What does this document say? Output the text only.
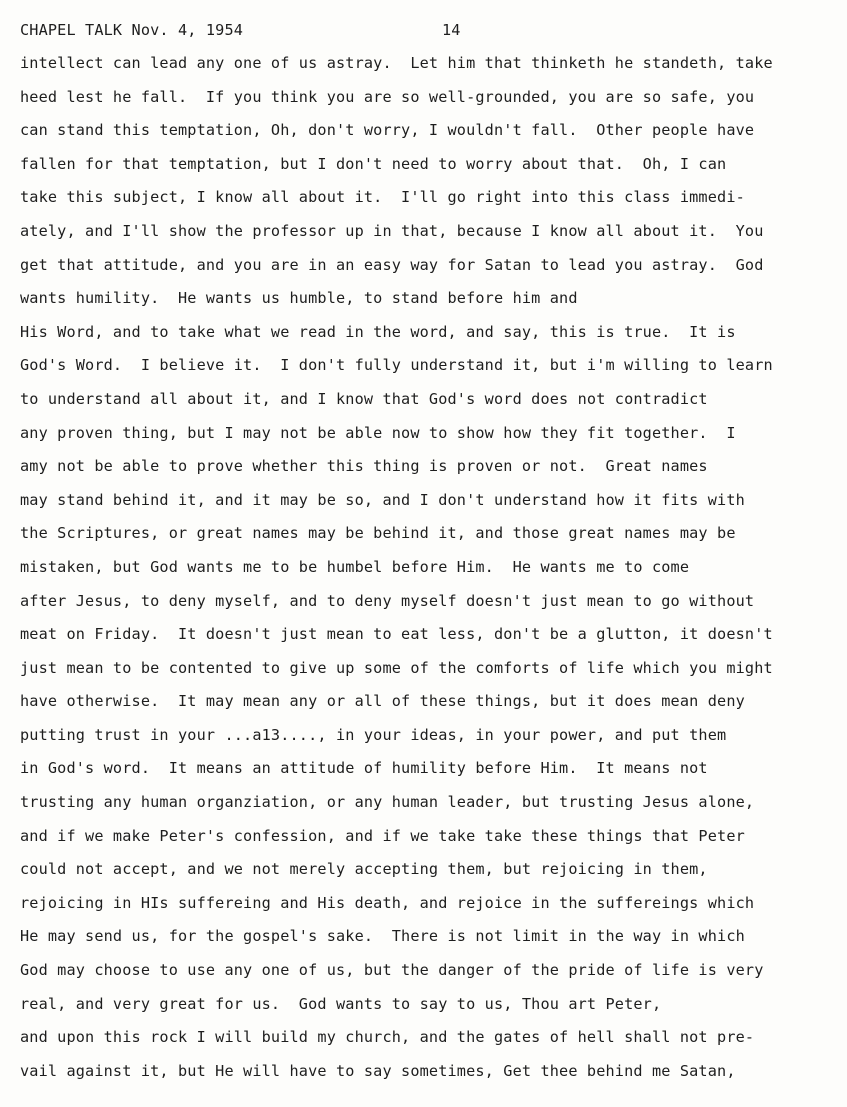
CHAPEL TALK Nov. 4, 1954

	14

intellect can lead any one of us astray.  Let him that thinketh he standeth, take
heed lest he fall.  If you think you are so well-grounded, you are so safe, you
can stand this temptation, Oh, don't worry, I wouldn't fall.  Other people have
fallen for that temptation, but I don't need to worry about that.  Oh, I can
take this subject, I know all about it.  I'll go right into this class immedi-
ately, and I'll show the professor up in that, because I know all about it.  You
get that attitude, and you are in an easy way for Satan to lead you astray.  God
wants humility.  He wants us humble, to stand before him and
His Word, and to take what we read in the word, and say, this is true.  It is
God's Word.  I believe it.  I don't fully understand it, but i'm willing to learn
to understand all about it, and I know that God's word does not contradict
any proven thing, but I may not be able now to show how they fit together.  I
amy not be able to prove whether this thing is proven or not.  Great names
may stand behind it, and it may be so, and I don't understand how it fits with
the Scriptures, or great names may be behind it, and those great names may be
mistaken, but God wants me to be humbel before Him.  He wants me to come
after Jesus, to deny myself, and to deny myself doesn't just mean to go without
meat on Friday.  It doesn't just mean to eat less, don't be a glutton, it doesn't
just mean to be contented to give up some of the comforts of life which you might
have otherwise.  It may mean any or all of these things, but it does mean deny
putting trust in your ...a13...., in your ideas, in your power, and put them
in God's word.  It means an attitude of humility before Him.  It means not
trusting any human organziation, or any human leader, but trusting Jesus alone,
and if we make Peter's confession, and if we take take these things that Peter
could not accept, and we not merely accepting them, but rejoicing in them,
rejoicing in HIs suffereing and His death, and rejoice in the suffereings which
He may send us, for the gospel's sake.  There is not limit in the way in which
God may choose to use any one of us, but the danger of the pride of life is very
real, and very great for us.  God wants to say to us, Thou art Peter,
and upon this rock I will build my church, and the gates of hell shall not pre-
vail against it, but He will have to say sometimes, Get thee behind me Satan,
